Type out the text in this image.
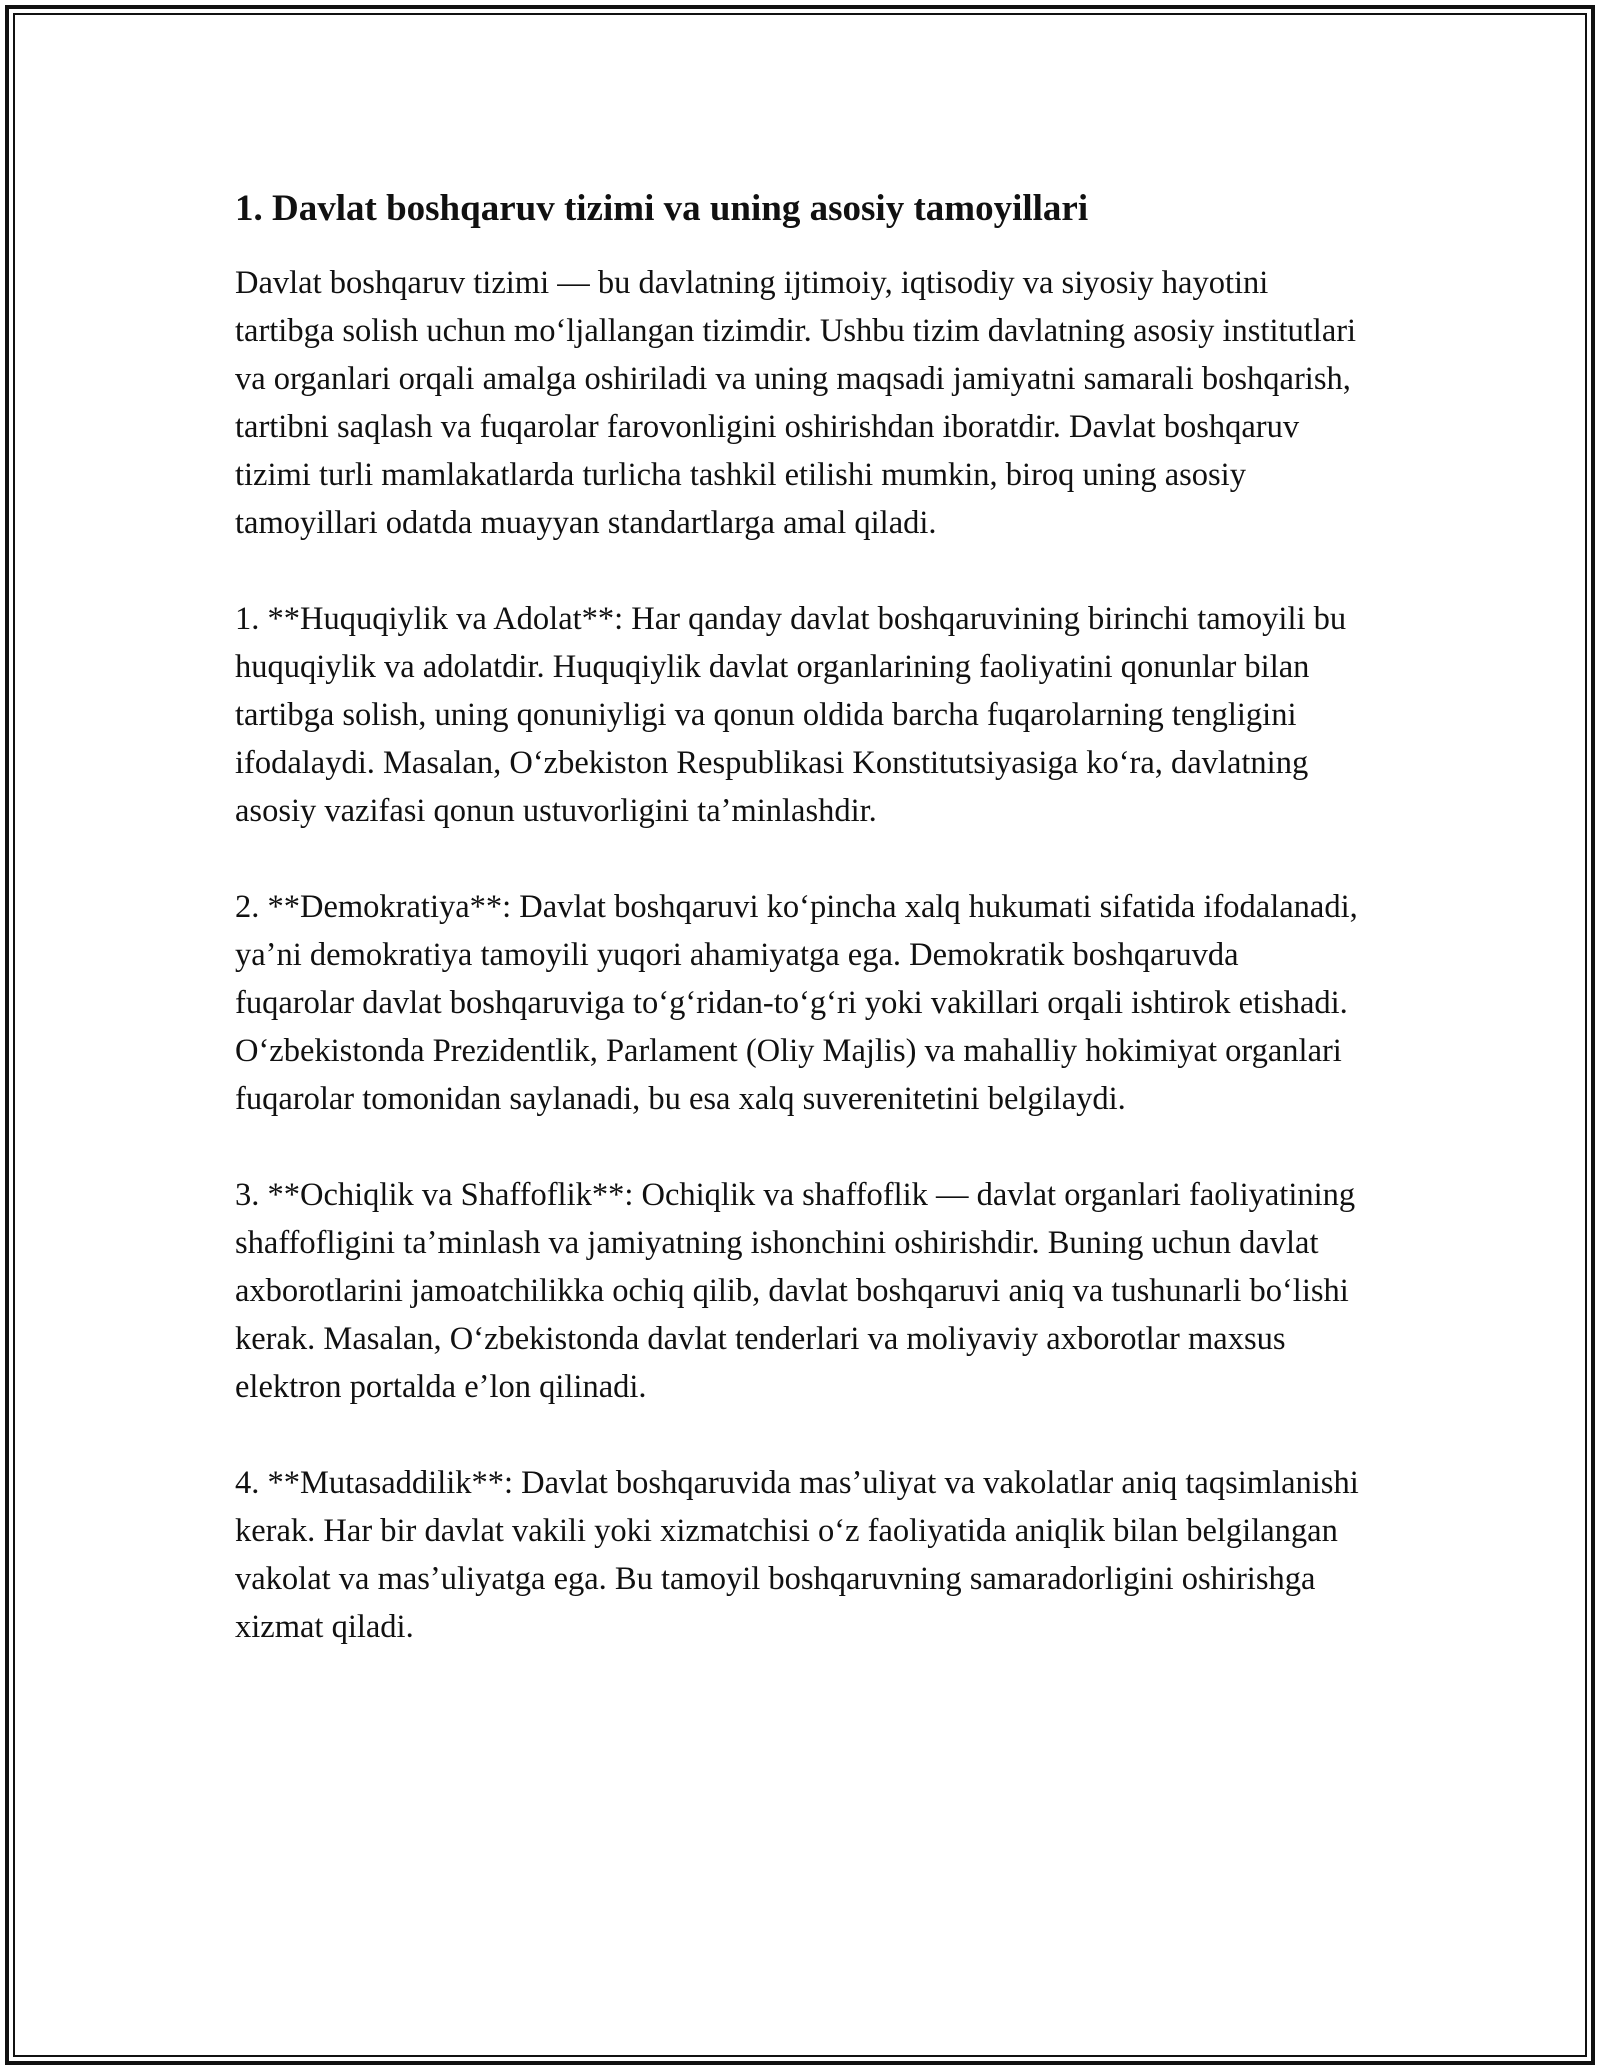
1. Davlat boshqaruv tizimi va uning asosiy tamoyillari

Davlat boshqaruv tizimi — bu davlatning ijtimoiy, iqtisodiy va siyosiy hayotini tartibga solish uchun moʻljallangan tizimdir. Ushbu tizim davlatning asosiy institutlari va organlari orqali amalga oshiriladi va uning maqsadi jamiyatni samarali boshqarish, tartibni saqlash va fuqarolar farovonligini oshirishdan iboratdir. Davlat boshqaruv tizimi turli mamlakatlarda turlicha tashkil etilishi mumkin, biroq uning asosiy tamoyillari odatda muayyan standartlarga amal qiladi.

1. **Huquqiylik va Adolat**: Har qanday davlat boshqaruvining birinchi tamoyili bu huquqiylik va adolatdir. Huquqiylik davlat organlarining faoliyatini qonunlar bilan tartibga solish, uning qonuniyligi va qonun oldida barcha fuqarolarning tengligini ifodalaydi. Masalan, Oʻzbekiston Respublikasi Konstitutsiyasiga koʻra, davlatning asosiy vazifasi qonun ustuvorligini taʼminlashdir.

2. **Demokratiya**: Davlat boshqaruvi koʻpincha xalq hukumati sifatida ifodalanadi, yaʼni demokratiya tamoyili yuqori ahamiyatga ega. Demokratik boshqaruvda fuqarolar davlat boshqaruviga toʻgʻridan-toʻgʻri yoki vakillari orqali ishtirok etishadi. Oʻzbekistonda Prezidentlik, Parlament (Oliy Majlis) va mahalliy hokimiyat organlari fuqarolar tomonidan saylanadi, bu esa xalq suverenitetini belgilaydi.

3. **Ochiqlik va Shaffoflik**: Ochiqlik va shaffoflik — davlat organlari faoliyatining shaffofligini taʼminlash va jamiyatning ishonchini oshirishdir. Buning uchun davlat axborotlarini jamoatchilikka ochiq qilib, davlat boshqaruvi aniq va tushunarli boʻlishi kerak. Masalan, Oʻzbekistonda davlat tenderlari va moliyaviy axborotlar maxsus elektron portalda eʼlon qilinadi.

4. **Mutasaddilik**: Davlat boshqaruvida masʼuliyat va vakolatlar aniq taqsimlanishi kerak. Har bir davlat vakili yoki xizmatchisi oʻz faoliyatida aniqlik bilan belgilangan vakolat va masʼuliyatga ega. Bu tamoyil boshqaruvning samaradorligini oshirishga xizmat qiladi.
